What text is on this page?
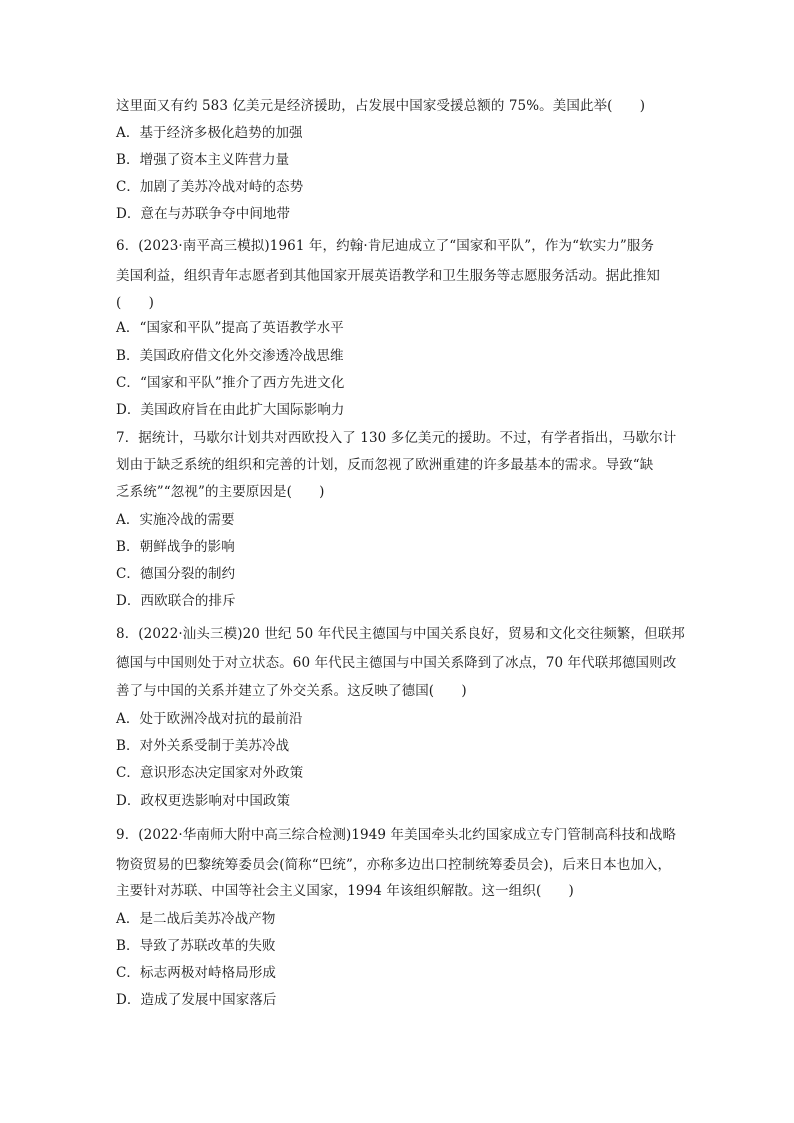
这里面又有约 583 亿美元是经济援助，占发展中国家受援总额的 75%。美国此举(　　)
A．基于经济多极化趋势的加强
B．增强了资本主义阵营力量
C．加剧了美苏冷战对峙的态势
D．意在与苏联争夺中间地带
6．(2023·南平高三模拟)1961 年，约翰·肯尼迪成立了“国家和平队”，作为“软实力”服务
美国利益，组织青年志愿者到其他国家开展英语教学和卫生服务等志愿服务活动。据此推知
(　　)
A．“国家和平队”提高了英语教学水平
B．美国政府借文化外交渗透冷战思维
C．“国家和平队”推介了西方先进文化
D．美国政府旨在由此扩大国际影响力
7．据统计，马歇尔计划共对西欧投入了 130 多亿美元的援助。不过，有学者指出，马歇尔计
划由于缺乏系统的组织和完善的计划，反而忽视了欧洲重建的许多最基本的需求。导致“缺
乏系统”“忽视”的主要原因是(　　)
A．实施冷战的需要
B．朝鲜战争的影响
C．德国分裂的制约
D．西欧联合的排斥
8．(2022·汕头三模)20 世纪 50 年代民主德国与中国关系良好，贸易和文化交往频繁，但联邦
德国与中国则处于对立状态。60 年代民主德国与中国关系降到了冰点，70 年代联邦德国则改
善了与中国的关系并建立了外交关系。这反映了德国(　　)
A．处于欧洲冷战对抗的最前沿
B．对外关系受制于美苏冷战
C．意识形态决定国家对外政策
D．政权更迭影响对中国政策
9．(2022·华南师大附中高三综合检测)1949 年美国牵头北约国家成立专门管制高科技和战略
物资贸易的巴黎统筹委员会(简称“巴统”，亦称多边出口控制统筹委员会)，后来日本也加入，
主要针对苏联、中国等社会主义国家，1994 年该组织解散。这一组织(　　)
A．是二战后美苏冷战产物
B．导致了苏联改革的失败
C．标志两极对峙格局形成
D．造成了发展中国家落后
